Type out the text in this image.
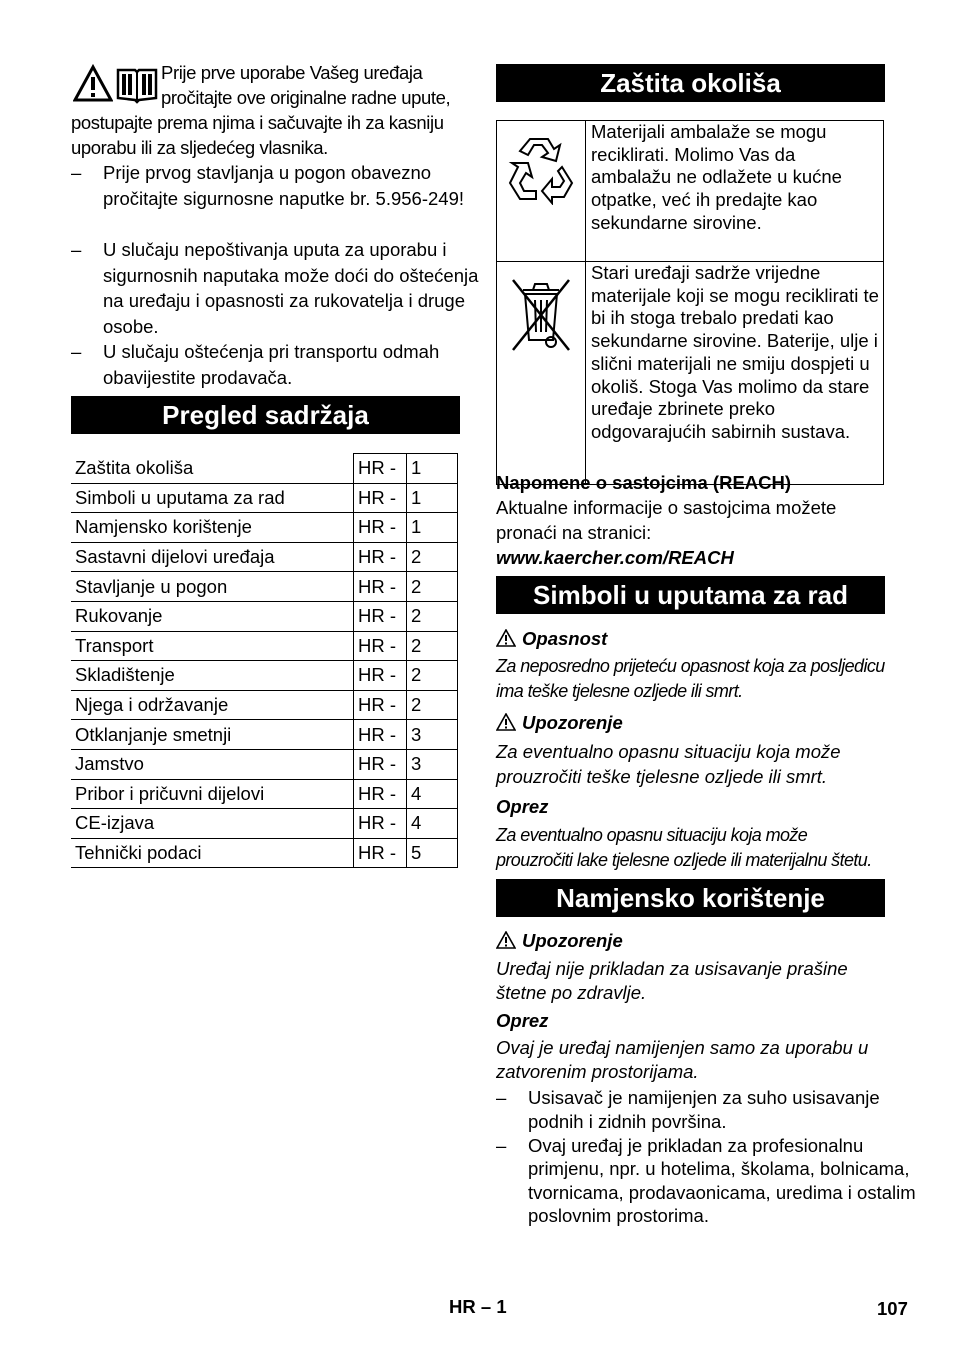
Prije prve uporabe Vašeg uređaja pročitajte ove originalne radne upute, postupajte prema njima i sačuvajte ih za kasniju uporabu ili za sljedećeg vlasnika.
– Prije prvog stavljanja u pogon obavezno pročitajte sigurnosne naputke br. 5.956-249!
– U slučaju nepoštivanja uputa za uporabu i sigurnosnih naputaka može doći do oštećenja na uređaju i opasnosti za rukovatelja i druge osobe.
– U slučaju oštećenja pri transportu odmah obavijestite prodavača.
Pregled sadržaja
Zaštita okoliša	HR -	1
Simboli u uputama za rad	HR -	1
Namjensko korištenje	HR -	1
Sastavni dijelovi uređaja	HR -	2
Stavljanje u pogon	HR -	2
Rukovanje	HR -	2
Transport	HR -	2
Skladištenje	HR -	2
Njega i održavanje	HR -	2
Otklanjanje smetnji	HR -	3
Jamstvo	HR -	3
Pribor i pričuvni dijelovi	HR -	4
CE-izjava	HR -	4
Tehnički podaci	HR -	5
Zaštita okoliša
	Materijali ambalaže se mogu reciklirati. Molimo Vas da ambalažu ne odlažete u kućne otpatke, već ih predajte kao sekundarne sirovine.
	Stari uređaji sadrže vrijedne materijale koji se mogu reciklirati te bi ih stoga trebalo predati kao sekundarne sirovine. Baterije, ulje i slični materijali ne smiju dospjeti u okoliš. Stoga Vas molimo da stare uređaje zbrinete preko odgovarajućih sabirnih sustava.
Napomene o sastojcima (REACH)
Aktualne informacije o sastojcima možete pronaći na stranici:
www.kaercher.com/REACH
Simboli u uputama za rad
Opasnost
Za neposredno prijeteću opasnost koja za posljedicu ima teške tjelesne ozljede ili smrt.
Upozorenje
Za eventualno opasnu situaciju koja može prouzročiti teške tjelesne ozljede ili smrt.
Oprez
Za eventualno opasnu situaciju koja može prouzročiti lake tjelesne ozljede ili materijalnu štetu.
Namjensko korištenje
Upozorenje
Uređaj nije prikladan za usisavanje prašine štetne po zdravlje.
Oprez
Ovaj je uređaj namijenjen samo za uporabu u zatvorenim prostorijama.
– Usisavač je namijenjen za suho usisavanje podnih i zidnih površina.
– Ovaj uređaj je prikladan za profesionalnu primjenu, npr. u hotelima, školama, bolnicama, tvornicama, prodavaonicama, uredima i ostalim poslovnim prostorima.
HR – 1	107
